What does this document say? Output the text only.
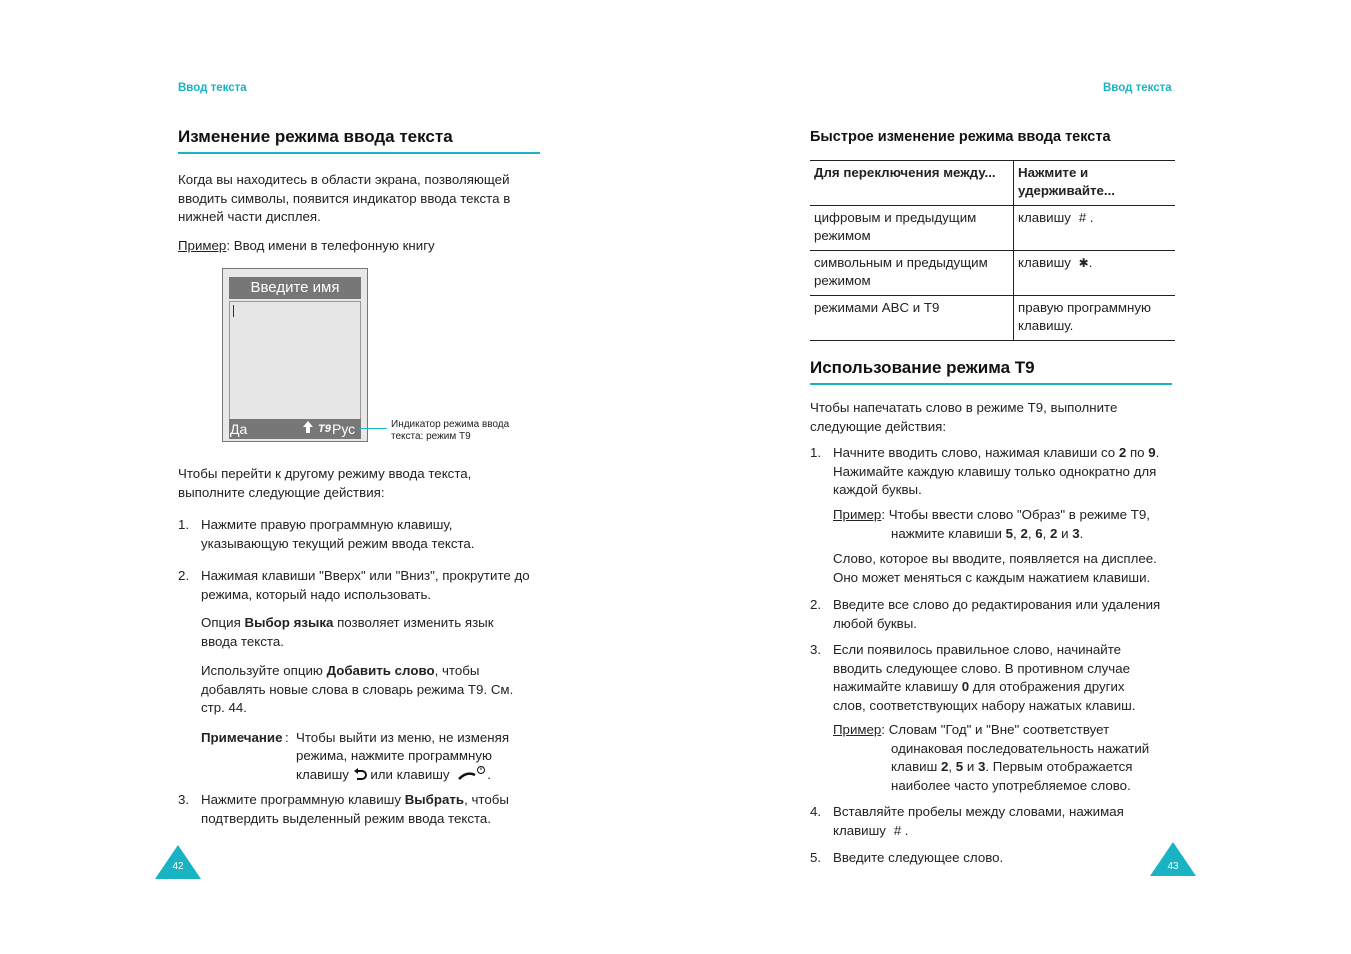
Ввод текста
Изменение режима ввода текста

Когда вы находитесь в области экрана, позволяющей вводить символы, появится индикатор ввода текста в нижней части дисплея.

Пример: Ввод имени в телефонную книгу

Введите имя
Да	T9 Рус	Индикатор режима ввода
текста: режим T9

Чтобы перейти к другому режиму ввода текста, выполните следующие действия:

1. Нажмите правую программную клавишу, указывающую текущий режим ввода текста.

2. Нажимая клавиши "Вверх" или "Вниз", прокрутите до режима, который надо использовать.

Опция Выбор языка позволяет изменить язык ввода текста.

Используйте опцию Добавить слово, чтобы добавлять новые слова в словарь режима T9. См. стр. 44.

Примечание : Чтобы выйти из меню, не изменяя
режима, нажмите программную
клавишу или клавишу	.
3. Нажмите программную клавишу Выбрать, чтобы подтвердить выделенный режим ввода текста.

42
Ввод текста
Быстрое изменение режима ввода текста
Для переключения между...	Нажмите и
удерживайте...

цифровым и предыдущим
режимом	клавишу # .

символьным и предыдущим
режимом	клавишу ✱.

режимами ABC и T9	правую программную
клавишу.
Использование режима T9

Чтобы напечатать слово в режиме T9, выполните следующие действия:

1. Начните вводить слово, нажимая клавиши со 2 по 9. Нажимайте каждую клавишу только однократно для каждой буквы.

Пример: Чтобы ввести слово "Образ" в режиме T9,
нажмите клавиши 5, 2, 6, 2 и 3.

Слово, которое вы вводите, появляется на дисплее. Оно может меняться с каждым нажатием клавиши.

2. Введите все слово до редактирования или удаления любой буквы.

3. Если появилось правильное слово, начинайте вводить следующее слово. В противном случае нажимайте клавишу 0 для отображения других слов, соответствующих набору нажатых клавиш.

Пример: Словам "Год" и "Вне" соответствует
одинаковая последовательность нажатий
клавиш 2, 5 и 3. Первым отображается
наиболее часто употребляемое слово.
4. Вставляйте пробелы между словами, нажимая
клавишу # .
5. Введите следующее слово.

43
